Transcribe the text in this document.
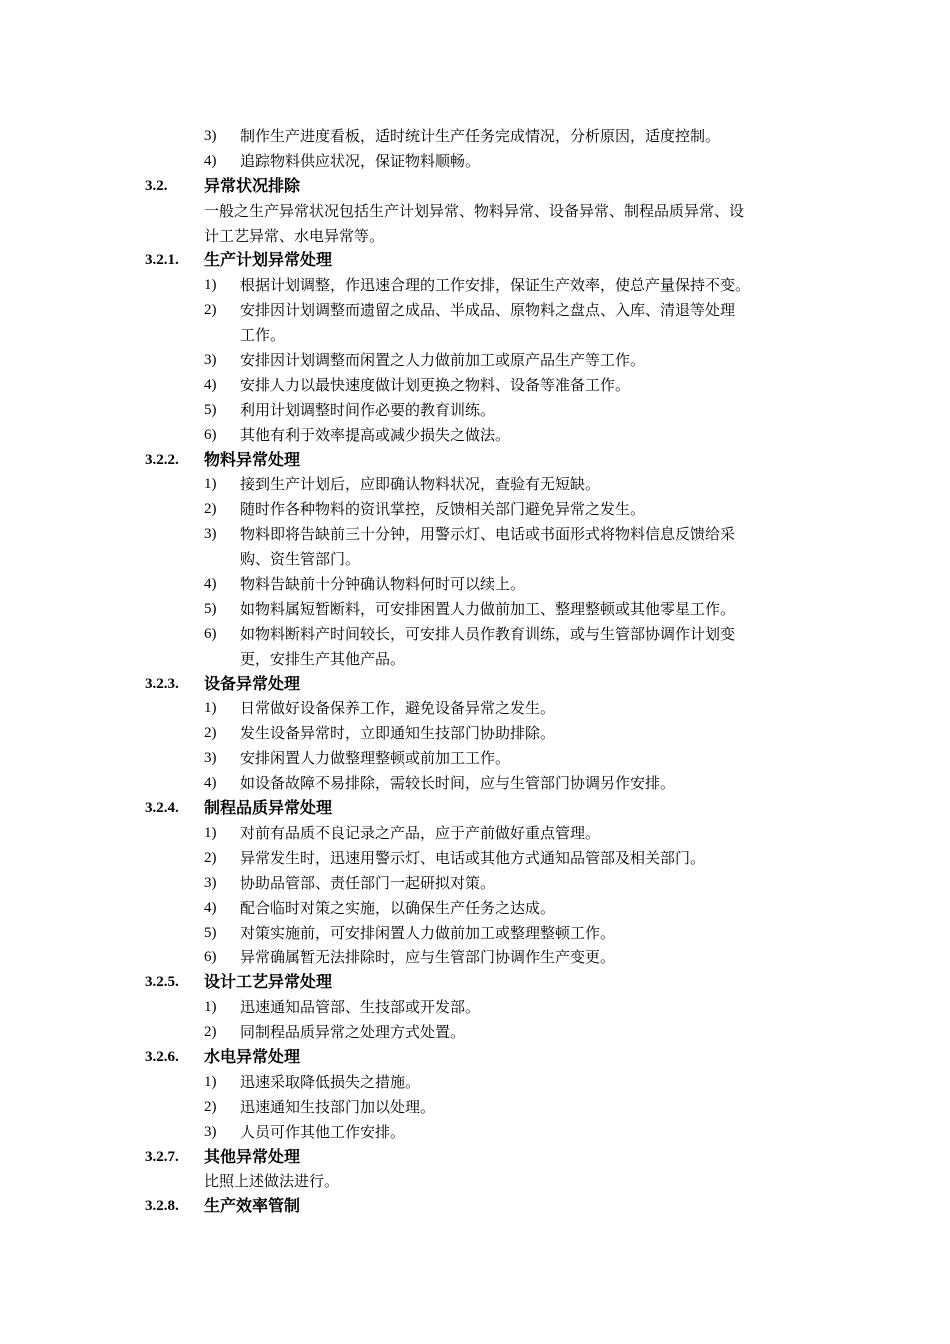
3) 制作生产进度看板，适时统计生产任务完成情况，分析原因，适度控制。
4) 追踪物料供应状况，保证物料顺畅。
3.2. 异常状况排除
一般之生产异常状况包括生产计划异常、物料异常、设备异常、制程品质异常、设
计工艺异常、水电异常等。
3.2.1. 生产计划异常处理
1) 根据计划调整，作迅速合理的工作安排，保证生产效率，使总产量保持不变。
2) 安排因计划调整而遗留之成品、半成品、原物料之盘点、入库、清退等处理
工作。
3) 安排因计划调整而闲置之人力做前加工或原产品生产等工作。
4) 安排人力以最快速度做计划更换之物料、设备等准备工作。
5) 利用计划调整时间作必要的教育训练。
6) 其他有利于效率提高或减少损失之做法。
3.2.2. 物料异常处理
1) 接到生产计划后，应即确认物料状况，查验有无短缺。
2) 随时作各种物料的资讯掌控，反馈相关部门避免异常之发生。
3) 物料即将告缺前三十分钟，用警示灯、电话或书面形式将物料信息反馈给采
购、资生管部门。
4) 物料告缺前十分钟确认物料何时可以续上。
5) 如物料属短暂断料，可安排困置人力做前加工、整理整顿或其他零星工作。
6) 如物料断料产时间较长，可安排人员作教育训练，或与生管部协调作计划变
更，安排生产其他产品。
3.2.3. 设备异常处理
1) 日常做好设备保养工作，避免设备异常之发生。
2) 发生设备异常时，立即通知生技部门协助排除。
3) 安排闲置人力做整理整顿或前加工工作。
4) 如设备故障不易排除，需较长时间，应与生管部门协调另作安排。
3.2.4. 制程品质异常处理
1) 对前有品质不良记录之产品，应于产前做好重点管理。
2) 异常发生时，迅速用警示灯、电话或其他方式通知品管部及相关部门。
3) 协助品管部、责任部门一起研拟对策。
4) 配合临时对策之实施，以确保生产任务之达成。
5) 对策实施前，可安排闲置人力做前加工或整理整顿工作。
6) 异常确属暂无法排除时，应与生管部门协调作生产变更。
3.2.5. 设计工艺异常处理
1) 迅速通知品管部、生技部或开发部。
2) 同制程品质异常之处理方式处置。
3.2.6. 水电异常处理
1) 迅速采取降低损失之措施。
2) 迅速通知生技部门加以处理。
3) 人员可作其他工作安排。
3.2.7. 其他异常处理
比照上述做法进行。
3.2.8. 生产效率管制
